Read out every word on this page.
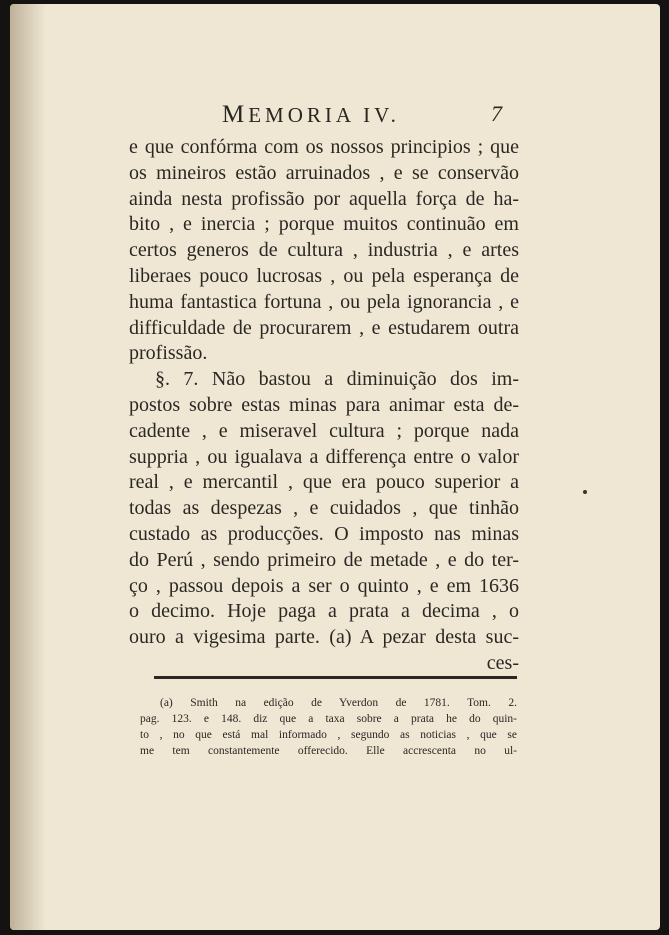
MEMORIA IV.	7
e que confórma com os nossos principios ; que
os mineiros estão arruinados , e se conservão
ainda nesta profissão por aquella força de ha-
bito , e inercia ; porque muitos continuão em
certos generos de cultura , industria , e artes
liberaes pouco lucrosas , ou pela esperança de
huma fantastica fortuna , ou pela ignorancia , e
difficuldade de procurarem , e estudarem outra
profissão.
§. 7. Não bastou a diminuição dos im-
postos sobre estas minas para animar esta de-
cadente , e miseravel cultura ; porque nada
suppria , ou igualava a differença entre o valor
real , e mercantil , que era pouco superior a
todas as despezas , e cuidados , que tinhão
custado as producções. O imposto nas minas
do Perú , sendo primeiro de metade , e do ter-
ço , passou depois a ser o quinto , e em 1636
o decimo. Hoje paga a prata a decima , o
ouro a vigesima parte. (a) A pezar desta suc-
ces-
(a) Smith na edição de Yverdon de 1781. Tom. 2.
pag. 123. e 148. diz que a taxa sobre a prata he do quin-
to , no que está mal informado , segundo as noticias , que se
me tem constantemente offerecido. Elle accrescenta no ul-
